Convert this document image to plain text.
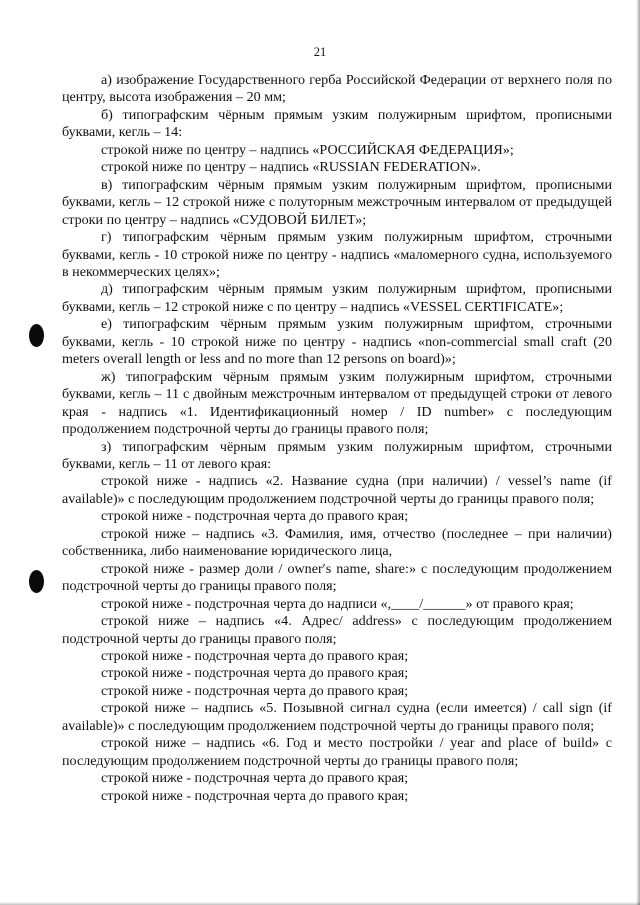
21

а) изображение Государственного герба Российской Федерации от верхнего поля по центру, высота изображения – 20 мм;

б) типографским чёрным прямым узким полужирным шрифтом, прописными буквами, кегль – 14:

строкой ниже по центру – надпись «РОССИЙСКАЯ ФЕДЕРАЦИЯ»;

строкой ниже по центру – надпись «RUSSIAN FEDERATION».

в) типографским чёрным прямым узким полужирным шрифтом, прописными буквами, кегль – 12 строкой ниже с полуторным межстрочным интервалом от предыдущей строки по центру – надпись «СУДОВОЙ БИЛЕТ»;

г) типографским чёрным прямым узким полужирным шрифтом, строчными буквами, кегль - 10 строкой ниже по центру - надпись «маломерного судна, используемого в некоммерческих целях»;

д) типографским чёрным прямым узким полужирным шрифтом, прописными буквами, кегль – 12 строкой ниже с по центру – надпись «VESSEL CERTIFICATE»;

е) типографским чёрным прямым узким полужирным шрифтом, строчными буквами, кегль - 10 строкой ниже по центру - надпись «non-commercial small craft (20 meters overall length or less and no more than 12 persons on board)»;

ж) типографским чёрным прямым узким полужирным шрифтом, строчными буквами, кегль – 11 с двойным межстрочным интервалом от предыдущей строки от левого края - надпись «1. Идентификационный номер / ID number» с последующим продолжением подстрочной черты до границы правого поля;

з) типографским чёрным прямым узким полужирным шрифтом, строчными буквами, кегль – 11 от левого края:

строкой ниже - надпись «2. Название судна (при наличии) / vessel’s name (if available)» с последующим продолжением подстрочной черты до границы правого поля;

строкой ниже - подстрочная черта до правого края;

строкой ниже – надпись «3. Фамилия, имя, отчество (последнее – при наличии) собственника, либо наименование юридического лица,

строкой ниже - размер доли / owner′s name, share:» с последующим продолжением подстрочной черты до границы правого поля;

строкой ниже - подстрочная черта до надписи «,____/______» от правого края;

строкой ниже – надпись «4. Адрес/ address» с последующим продолжением подстрочной черты до границы правого поля;

строкой ниже - подстрочная черта до правого края;

строкой ниже - подстрочная черта до правого края;

строкой ниже - подстрочная черта до правого края;

строкой ниже – надпись «5. Позывной сигнал судна (если имеется) / call sign (if available)» с последующим продолжением подстрочной черты до границы правого поля;

строкой ниже – надпись «6. Год и место постройки / year and place of build» с последующим продолжением подстрочной черты до границы правого поля;

строкой ниже - подстрочная черта до правого края;

строкой ниже - подстрочная черта до правого края;
